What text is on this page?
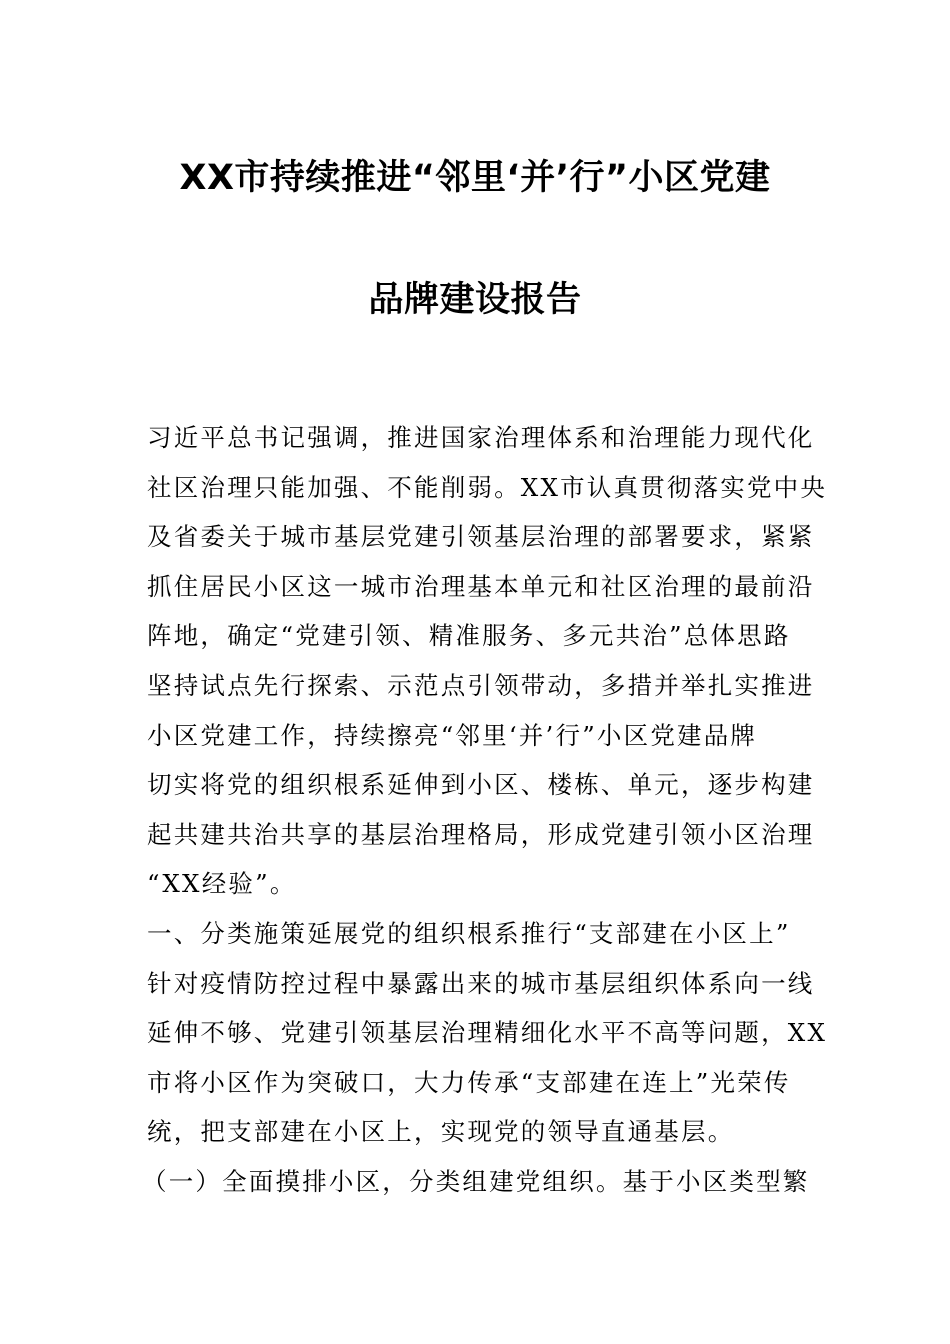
XX市持续推进“邻里‘并’行”小区党建
品牌建设报告
习近平总书记强调，推进国家治理体系和治理能力现代化
社区治理只能加强、不能削弱。XX市认真贯彻落实党中央
及省委关于城市基层党建引领基层治理的部署要求，紧紧
抓住居民小区这一城市治理基本单元和社区治理的最前沿
阵地，确定“党建引领、精准服务、多元共治”总体思路
坚持试点先行探索、示范点引领带动，多措并举扎实推进
小区党建工作，持续擦亮“邻里‘并’行”小区党建品牌
切实将党的组织根系延伸到小区、楼栋、单元，逐步构建
起共建共治共享的基层治理格局，形成党建引领小区治理
“XX经验”。
一、分类施策延展党的组织根系推行“支部建在小区上”
针对疫情防控过程中暴露出来的城市基层组织体系向一线
延伸不够、党建引领基层治理精细化水平不高等问题，XX
市将小区作为突破口，大力传承“支部建在连上”光荣传
统，把支部建在小区上，实现党的领导直通基层。
（一）全面摸排小区，分类组建党组织。基于小区类型繁
